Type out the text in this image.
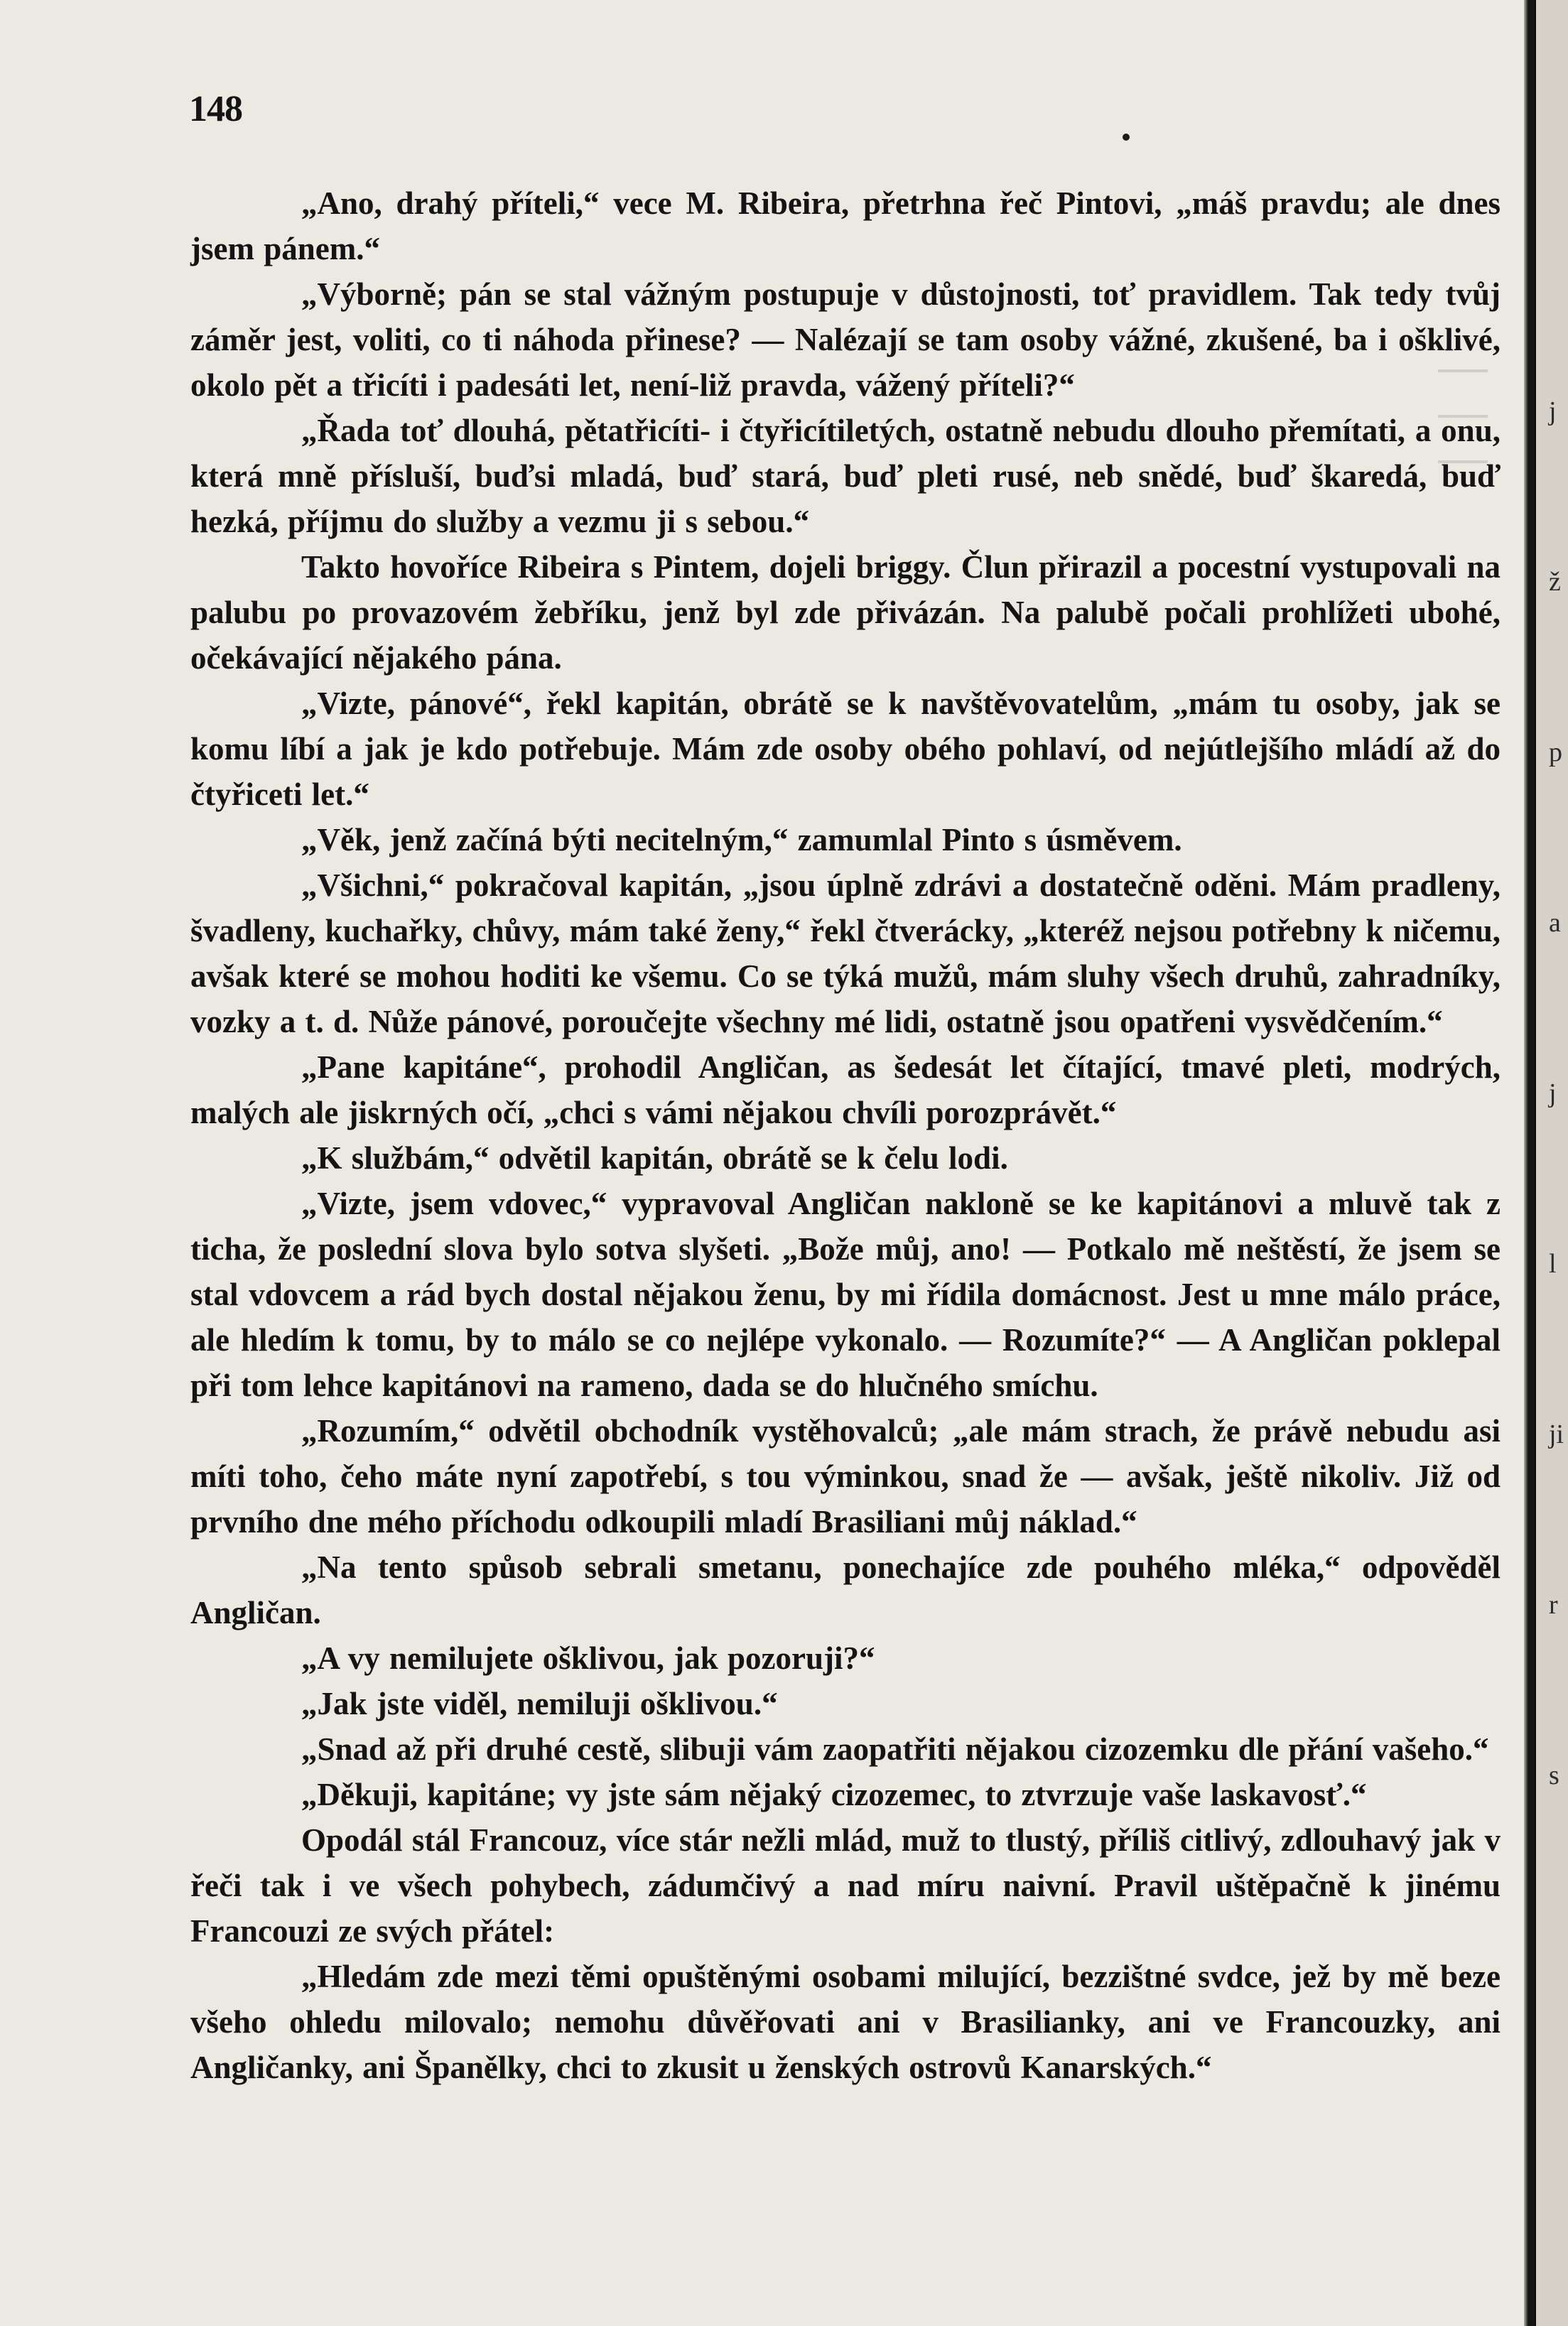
148

„Ano, drahý příteli,“ vece M. Ribeira, přetrhna řeč Pintovi, „máš pravdu; ale dnes jsem pánem.“

„Výborně; pán se stal vážným postupuje v důstojnosti, toť pravidlem. Tak tedy tvůj záměr jest, voliti, co ti náhoda přinese? — Nalézají se tam osoby vážné, zkušené, ba i ošklivé, okolo pět a třicíti i padesáti let, není-liž pravda, vážený příteli?“

„Řada toť dlouhá, pětatřicíti- i čtyřicítiletých, ostatně nebudu dlouho přemítati, a onu, která mně přísluší, buďsi mladá, buď stará, buď pleti rusé, neb snědé, buď škaredá, buď hezká, příjmu do služby a vezmu ji s sebou.“

Takto hovoříce Ribeira s Pintem, dojeli briggy. Člun přirazil a pocestní vystupovali na palubu po provazovém žebříku, jenž byl zde přivázán. Na palubě počali prohlížeti ubohé, očekávající nějakého pána.

„Vizte, pánové“, řekl kapitán, obrátě se k navštěvovatelům, „mám tu osoby, jak se komu líbí a jak je kdo potřebuje. Mám zde osoby obého pohlaví, od nejútlejšího mládí až do čtyřiceti let.“

„Věk, jenž začíná býti necitelným,“ zamumlal Pinto s úsměvem.

„Všichni,“ pokračoval kapitán, „jsou úplně zdrávi a dostatečně oděni. Mám pradleny, švadleny, kuchařky, chůvy, mám také ženy,“ řekl čtverácky, „kteréž nejsou potřebny k ničemu, avšak které se mohou hoditi ke všemu. Co se týká mužů, mám sluhy všech druhů, zahradníky, vozky a t. d. Nůže pánové, poroučejte všechny mé lidi, ostatně jsou opatřeni vysvědčením.“

„Pane kapitáne“, prohodil Angličan, as šedesát let čítající, tmavé pleti, modrých, malých ale jiskrných očí, „chci s vámi nějakou chvíli porozprávět.“

„K službám,“ odvětil kapitán, obrátě se k čelu lodi.

„Vizte, jsem vdovec,“ vypravoval Angličan nakloně se ke kapitánovi a mluvě tak z ticha, že poslední slova bylo sotva slyšeti. „Bože můj, ano! — Potkalo mě neštěstí, že jsem se stal vdovcem a rád bych dostal nějakou ženu, by mi řídila domácnost. Jest u mne málo práce, ale hledím k tomu, by to málo se co nejlépe vykonalo. — Rozumíte?“ — A Angličan poklepal při tom lehce kapitánovi na rameno, dada se do hlučného smíchu.

„Rozumím,“ odvětil obchodník vystěhovalců; „ale mám strach, že právě nebudu asi míti toho, čeho máte nyní zapotřebí, s tou výminkou, snad že — avšak, ještě nikoliv. Již od prvního dne mého příchodu odkoupili mladí Brasiliani můj náklad.“

„Na tento spůsob sebrali smetanu, ponechajíce zde pouhého mléka,“ odpověděl Angličan.

„A vy nemilujete ošklivou, jak pozoruji?“

„Jak jste viděl, nemiluji ošklivou.“

„Snad až při druhé cestě, slibuji vám zaopatřiti nějakou cizozemku dle přání vašeho.“

„Děkuji, kapitáne; vy jste sám nějaký cizozemec, to ztvrzuje vaše laskavosť.“

Opodál stál Francouz, více stár nežli mlád, muž to tlustý, příliš citlivý, zdlouhavý jak v řeči tak i ve všech pohybech, zádumčivý a nad míru naivní. Pravil uštěpačně k jinému Francouzi ze svých přátel:

„Hledám zde mezi těmi opuštěnými osobami milující, bezzištné svdce, jež by mě beze všeho ohledu milovalo; nemohu důvěřovati ani v Brasilianky, ani ve Francouzky, ani Angličanky, ani Španělky, chci to zkusit u ženských ostrovů Kanarských.“

j
ž
p
a
j
l
ji
r
s
